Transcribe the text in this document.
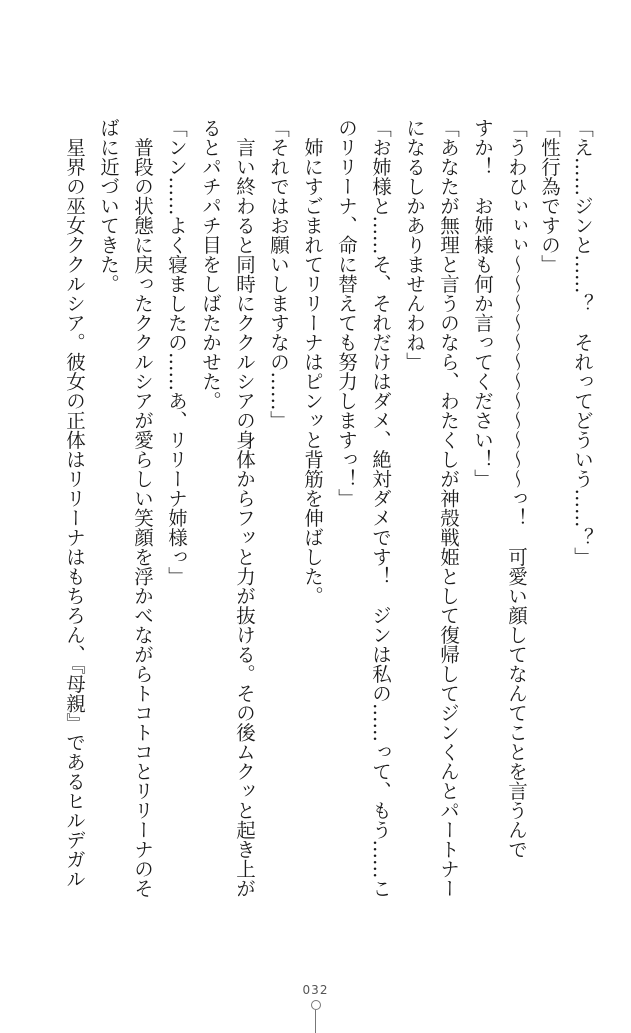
「え……ジンと……？　それってどういう……？」
「性行為ですの」
「うわひぃぃぃ〜〜〜〜〜〜〜〜〜〜〜〜っ！　可愛い顔してなんてことを言うんで
すか！　お姉様も何か言ってください！」
「あなたが無理と言うのなら、わたくしが神殻戦姫として復帰してジンくんとパートナー
になるしかありませんわね」
「お姉様と……そ、それだけはダメ、絶対ダメです！　ジンは私の……って、もう……こ
のリリーナ、命に替えても努力しますっ！」
　姉にすごまれてリリーナはピンッと背筋を伸ばした。
「それではお願いしますなの……」
　言い終わると同時にククルシアの身体からフッと力が抜ける。その後ムクッと起き上が
るとパチパチ目をしばたかせた。
「ンン……よく寝ましたの……あ、リリーナ姉様っ」
　普段の状態に戻ったククルシアが愛らしい笑顔を浮かべながらトコトコとリリーナのそ
ばに近づいてきた。
　星界の巫女ククルシア。彼女の正体はリリーナはもちろん、『母親』であるヒルデガル
032
